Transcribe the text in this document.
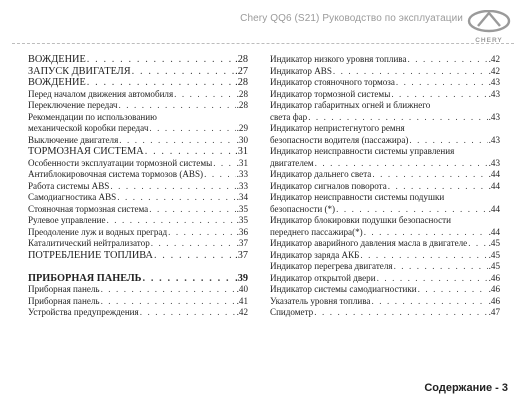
Chery QQ6 (S21) Руководство по эксплуатации
CHERY
ВОЖДЕНИЕ . . .	.28
ЗАПУСК ДВИГАТЕЛЯ . . .	.27
ВОЖДЕНИЕ . . .	.28
Перед началом движения автомобиля . . .	.28
Переключение передач . . .	.28
Рекомендации по использованию
механической коробки передач . . .	.29
Выключение двигателя . . .	.30
ТОРМОЗНАЯ СИСТЕМА . . .	.31
Особенности эксплуатации тормозной системы . . .	.31
Антиблокировочная система тормозов (ABS) . . .	.33
Работа системы ABS . . .	.33
Самодиагностика ABS . . .	.34
Стояночная тормозная система . . .	.35
Рулевое управление . . .	.35
Преодоление луж и водных преград . . .	.36
Каталитический нейтрализатор . . .	.37
ПОТРЕБЛЕНИЕ ТОПЛИВА . . .	.37
ПРИБОРНАЯ ПАНЕЛЬ . . .	.39
Приборная панель . . .	.40
Приборная панель . . .	.41
Устройства предупреждения . . .	.42
Индикатор низкого уровня топлива . . .	.42
Индикатор ABS . . .	.42
Индикатор стояночного тормоза . . .	.43
Индикатор тормозной системы . . .	.43
Индикатор габаритных огней и ближнего
света фар . . .	.43
Индикатор непристегнутого ремня
безопасности водителя (пассажира) . . .	.43
Индикатор неисправности системы управления
двигателем . . .	.43
Индикатор дальнего света . . .	.44
Индикатор сигналов поворота . . .	.44
Индикатор неисправности системы подушки
безопасности (*) . . .	.44
Индикатор блокировки подушки безопасности
переднего пассажира(*) . . .	.44
Индикатор аварийного давления масла в двигателе . . . .45
Индикатор заряда АКБ . . .	.45
Индикатор перегрева двигателя . . .	.45
Индикатор открытой двери . . .	.46
Индикатор системы самодиагностики . . .	.46
Указатель уровня топлива . . .	.46
Спидометр . . .	.47
Содержание - 3
